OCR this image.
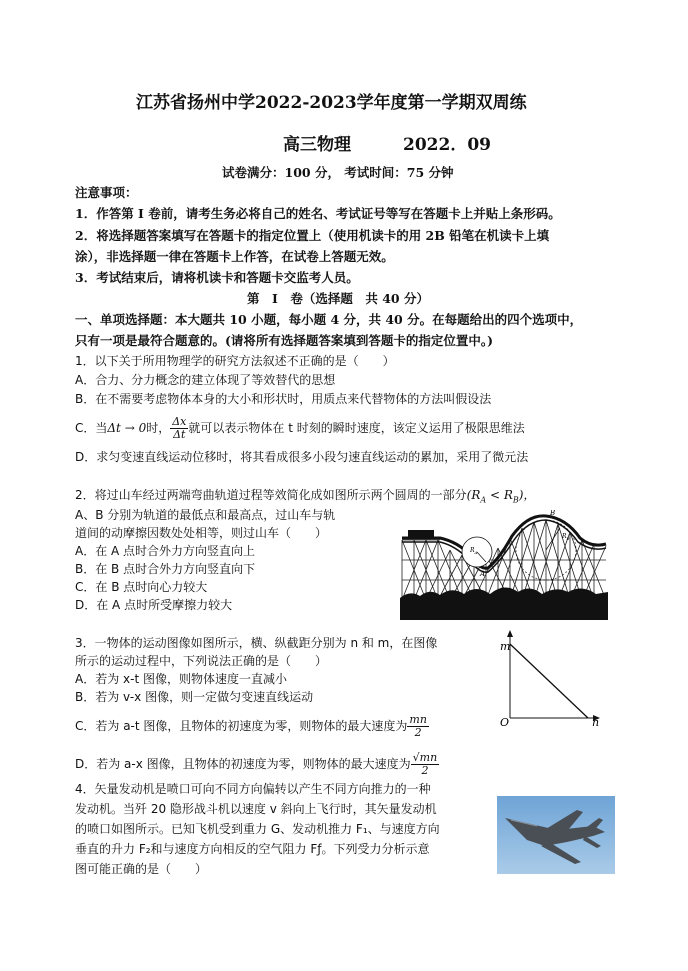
江苏省扬州中学2022-2023学年度第一学期双周练
高三物理	2022．09
试卷满分：100 分， 考试时间：75 分钟
注意事项：
1．作答第 I 卷前，请考生务必将自己的姓名、考试证号等写在答题卡上并贴上条形码。
2．将选择题答案填写在答题卡的指定位置上（使用机读卡的用 2B 铅笔在机读卡上填
涂），非选择题一律在答题卡上作答，在试卷上答题无效。
3．考试结束后，请将机读卡和答题卡交监考人员。
第　I　卷（选择题　共 40 分）
一、单项选择题：本大题共 10 小题，每小题 4 分，共 40 分。在每题给出的四个选项中，
只有一项是最符合题意的。(请将所有选择题答案填到答题卡的指定位置中。)
1．以下关于所用物理学的研究方法叙述不正确的是（　　）
A．合力、分力概念的建立体现了等效替代的思想
B．在不需要考虑物体本身的大小和形状时，用质点来代替物体的方法叫假设法
C．当Δt → 0时， $\frac{\Delta x}{\Delta t}$ 就可以表示物体在 t 时刻的瞬时速度，该定义运用了极限思维法
D．求匀变速直线运动位移时，将其看成很多小段匀速直线运动的累加，采用了微元法
2．将过山车经过两端弯曲轨道过程等效简化成如图所示两个圆周的一部分$(R_A < R_B)$，
A、B 分别为轨道的最低点和最高点，过山车与轨
道间的动摩擦因数处处相等，则过山车（　　）
A．在 A 点时合外力方向竖直向上
B．在 B 点时合外力方向竖直向下
C．在 B 点时向心力较大
D．在 A 点时所受摩擦力较大
A
B
$R_A$
$R_B$
3．一物体的运动图像如图所示，横、纵截距分别为 n 和 m，在图像
所示的运动过程中，下列说法正确的是（　　）
A．若为 x-t 图像，则物体速度一直减小
B．若为 v-x 图像，则一定做匀变速直线运动
C．若为 a-t 图像，且物体的初速度为零，则物体的最大速度为 $\frac{mn}{2}$
D．若为 a-x 图像，且物体的初速度为零，则物体的最大速度为 $\frac{√mn}{2}$
m
n
O
4．矢量发动机是喷口可向不同方向偏转以产生不同方向推力的一种
发动机。当歼 20 隐形战斗机以速度 v 斜向上飞行时，其矢量发动机
的喷口如图所示。已知飞机受到重力 G、发动机推力 F₁、与速度方向
垂直的升力 F₂和与速度方向相反的空气阻力 Fƒ。下列受力分析示意
图可能正确的是（　　）
